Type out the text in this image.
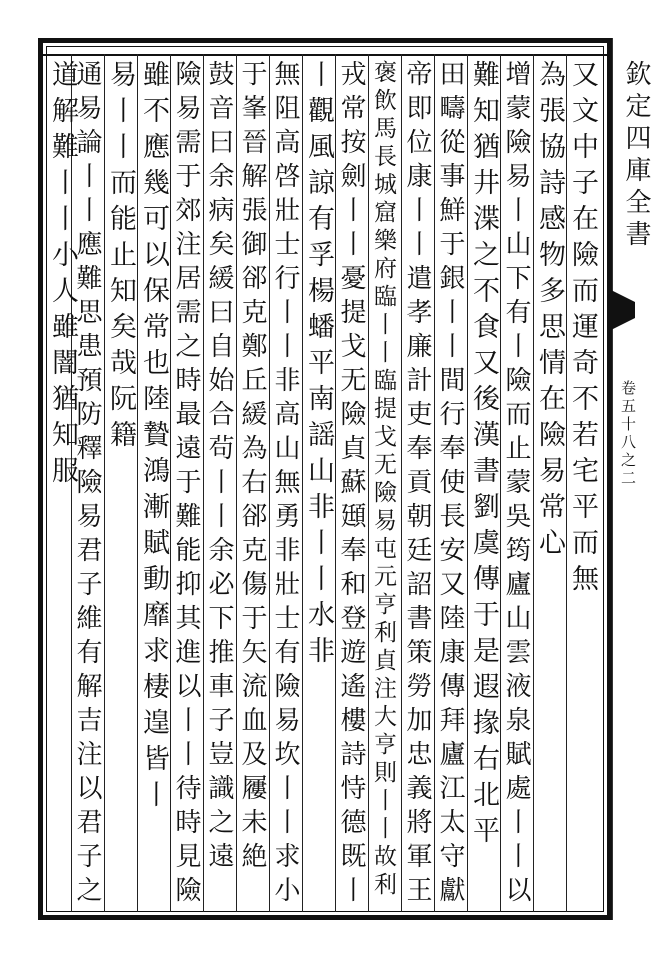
欽定四庫全書
卷五十八之二
又文中子在險而運奇不若宅平而無
為張協詩感物多思情在險易常心
增蒙險易丨山下有丨險而止蒙吳筠廬山雲液泉賦處丨丨以
難知猶井渫之不食又後漢書劉虞傳于是遐掾右北平
田疇從事鮮于銀丨丨間行奉使長安又陸康傳拜廬江太守獻
帝即位康丨丨遣孝廉計吏奉貢朝廷詔書策勞加忠義將軍王
褒飲馬長城窟樂府臨丨丨臨提戈无險易屯元亨利貞注大亨則丨丨故利
戎常按劍丨丨憂提戈无險貞蘇頲奉和登遊遙樓詩恃德既丨
丨觀風諒有孚楊蟠平南謡山非丨丨水非
無阻高啓壯士行丨丨非高山無勇非壯士有險易坎丨丨求小
于峯晉解張御郤克鄭丘緩為右郤克傷于矢流血及屨未絶
鼓音曰余病矣緩曰自始合茍丨丨余必下推車子豈識之遠
險易需于郊注居需之時最遠于難能抑其進以丨丨待時見險
雖不應幾可以保常也陸贄鴻漸賦動靡求棲遑皆丨
易丨丨而能止知矣哉阮籍
通易論丨丨應難思患預防釋險易君子維有解吉注以君子之
道解難丨丨小人雖闇猶知服
